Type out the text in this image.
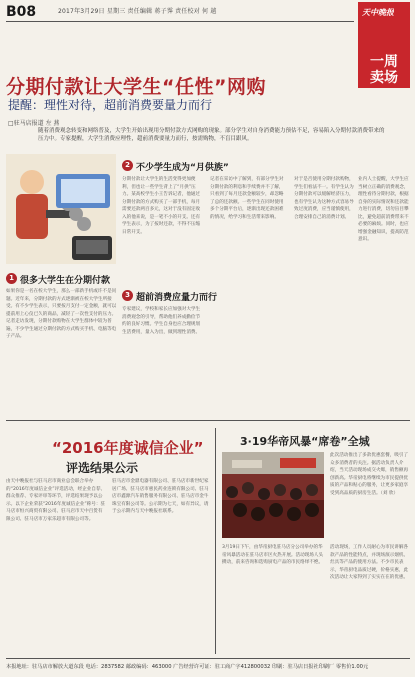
B08	2017年3月29日 星期三 责任编辑 蒋子霁 责任校对 何 越	天中晚报
一周卖场
分期付款让大学生“任性”网购
提醒：理性对待，超前消费要量力而行
□驻马店报道 左 燕
随着消费观念转变和网络普及，大学生开始出现用分期付款方式网购的现象。部分学生对自身消费能力预估不足，容易陷入分期付款消费带来的压力中。专家提醒，大学生消费应理性，超前消费要量力而行，按需购物，不盲目跟风。
1 很多大学生在分期付款
如果你是一名在校大学生，那么一部新手机或许不是问题。近年来，分期付款的方式逐渐被在校大学生所接受。有不少学生表示，只要按月支付一定金额，就可以提前用上心仪已久的商品，减轻了一次性支付的压力。记者走访发现，分期付款购物在大学生群体中较为普遍，不少学生通过分期付款的方式购买手机、电脑等电子产品。
2 不少学生成为“月供族”
分期付款让大学生的生活变得更加便利，但也让一些学生背上了“月供”压力。某高校学生小王告诉记者，他通过分期付款的方式购买了一部手机，每月需要还款两百多元，这对于没有固定收入的他来说，是一笔不小的开支。还有学生表示，为了按时还款，不得不压缩日常开支。
记者在采访中了解到，有部分学生对分期付款的利息和手续费并不了解，只看到了每月还款金额较少，却忽略了总的还款额。一些学生在同时使用多个分期平台后，逐渐出现还款困难的情况，给学习和生活带来影响。
对于是否使用分期付款购物，学生们看法不一。有学生认为分期付款可以缓解经济压力，也有学生认为这种方式容易导致过度消费，应当谨慎使用，合理安排自己的消费计划。
业内人士提醒，大学生应当树立正确的消费观念，理性看待分期付款，根据自身的实际情况和还款能力进行消费，切勿盲目攀比，避免超前消费带来不必要的麻烦。同时，也应增强金融知识，提高防范意识。
3 超前消费应量力而行
专家建议，学校和家长应加强对大学生消费观念的引导，帮助他们养成勤俭节约的良好习惯。学生自身也应合理规划生活费用，量入为出，做到理性消费。
“2016年度诚信企业”
评选结果公示
由天中晚报社与驻马店市商业总会联合举办的“2016年度诚信企业”评选活动，经企业自荐、群众推荐、专家评审等环节，评选结果现予以公示。以下企业荣获“2016年度诚信企业”称号：驻马店市恒兴商贸有限公司、驻马店市天中百货有限公司、驻马店市万家乐超市有限公司等。
驻马店市金鼎电器有限公司、驻马店市新世纪家居广场、驻马店市惠民药业连锁有限公司、驻马店市鑫源汽车销售服务有限公司、驻马店市金牛珠宝有限公司等。公示期为七天，如有异议，请于公示期内与天中晚报社联系。
3·19华帝风暴“席卷”全城
此次活动推出了多款优惠套餐，吸引了众多消费者的关注。据活动负责人介绍，当天活动现场成交火爆，销售额再创新高。华帝厨电将继续为市民提供优质的产品和贴心的服务，让更多家庭享受到高品质的厨房生活。（刘 欣）
3月19日下午，由华帝厨电驻马店分公司举办的华帝风暴活动在驻马店市区火热开展。活动现场人头攒动，前来咨询和选购厨电产品的市民络绎不绝。
活动现场，工作人员耐心为市民讲解各款产品的性能特点，并现场演示烟机、灶具等产品的使用方法。不少市民表示，华帝厨电品质过硬，价格实惠，此次活动让大家得到了实实在在的优惠。
本报地址：驻马店市解放大道东段 电话：2837582 邮政编码：463000 广告经营许可证：驻工商广字412800032 印刷：驻马店日报社印刷厂 零售价1.00元
